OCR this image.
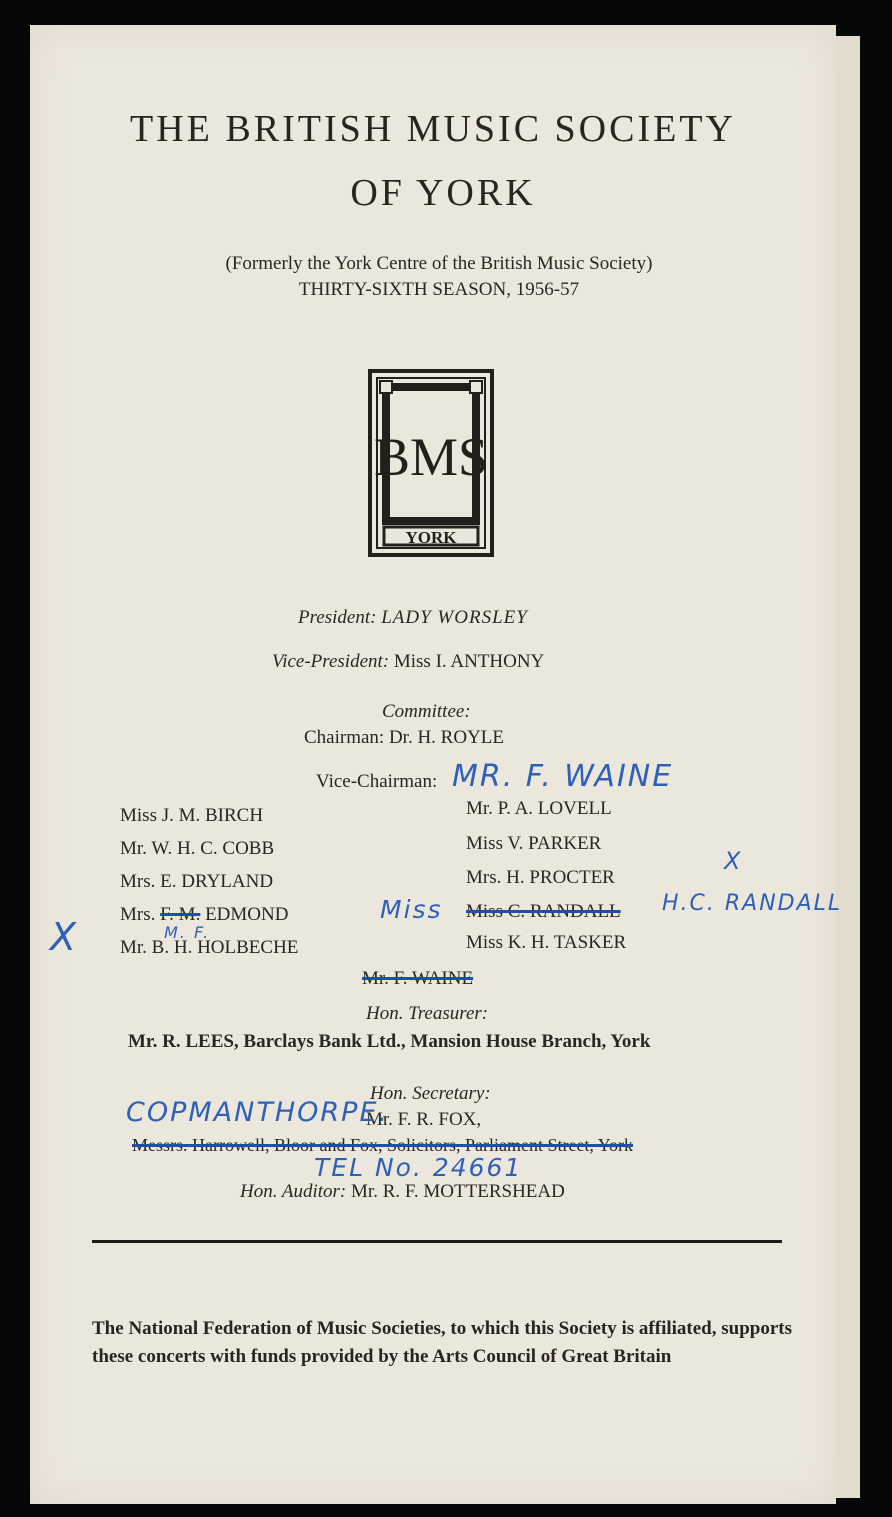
THE BRITISH MUSIC SOCIETY
OF YORK
(Formerly the York Centre of the British Music Society)
THIRTY-SIXTH SEASON, 1956-57
BMS
YORK
President: LADY WORSLEY
Vice-President: Miss I. ANTHONY
Committee:
Chairman: Dr. H. ROYLE
Vice-Chairman: MR. F. WAINE
Miss J. M. BIRCH
Mr. W. H. C. COBB
Mrs. E. DRYLAND
Mrs. F. M. EDMOND
M. F.
Mr. B. H. HOLBECHE
Mr. P. A. LOVELL
Miss V. PARKER
Mrs. H. PROCTER
Miss C. RANDALL
Miss K. H. TASKER
Miss	H.C. RANDALL
X
X
Mr. F. WAINE
Hon. Treasurer:
Mr. R. LEES, Barclays Bank Ltd., Mansion House Branch, York
Hon. Secretary:
Mr. F. R. FOX,
COPMANTHORPE.
Messrs. Harrowell, Bloor and Fox, Solicitors, Parliament Street, York
TEL No. 24661
Hon. Auditor: Mr. R. F. MOTTERSHEAD
The National Federation of Music Societies, to which this Society is affiliated, supports these concerts with funds provided by the Arts Council of Great Britain
